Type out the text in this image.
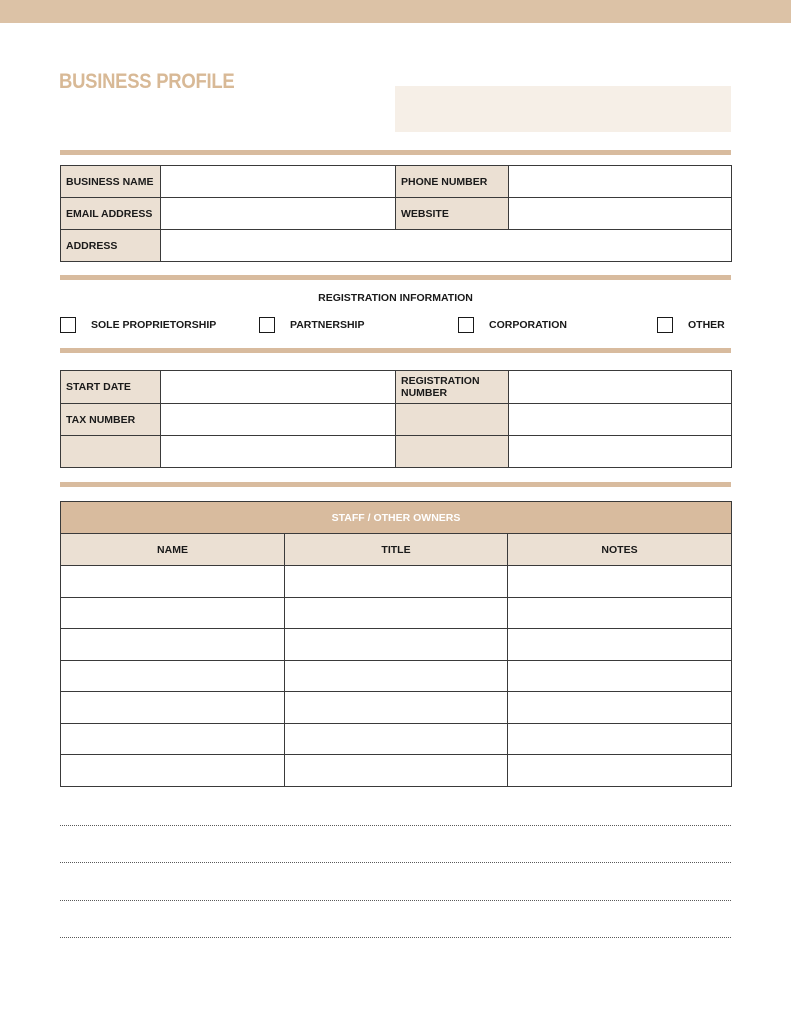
BUSINESS PROFILE
BUSINESS NAME		PHONE NUMBER	
EMAIL ADDRESS		WEBSITE	
ADDRESS			
REGISTRATION INFORMATION
SOLE PROPRIETORSHIP	PARTNERSHIP	CORPORATION	OTHER
START DATE		REGISTRATION NUMBER	
TAX NUMBER			

STAFF / OTHER OWNERS		
NAME	TITLE	NOTES
